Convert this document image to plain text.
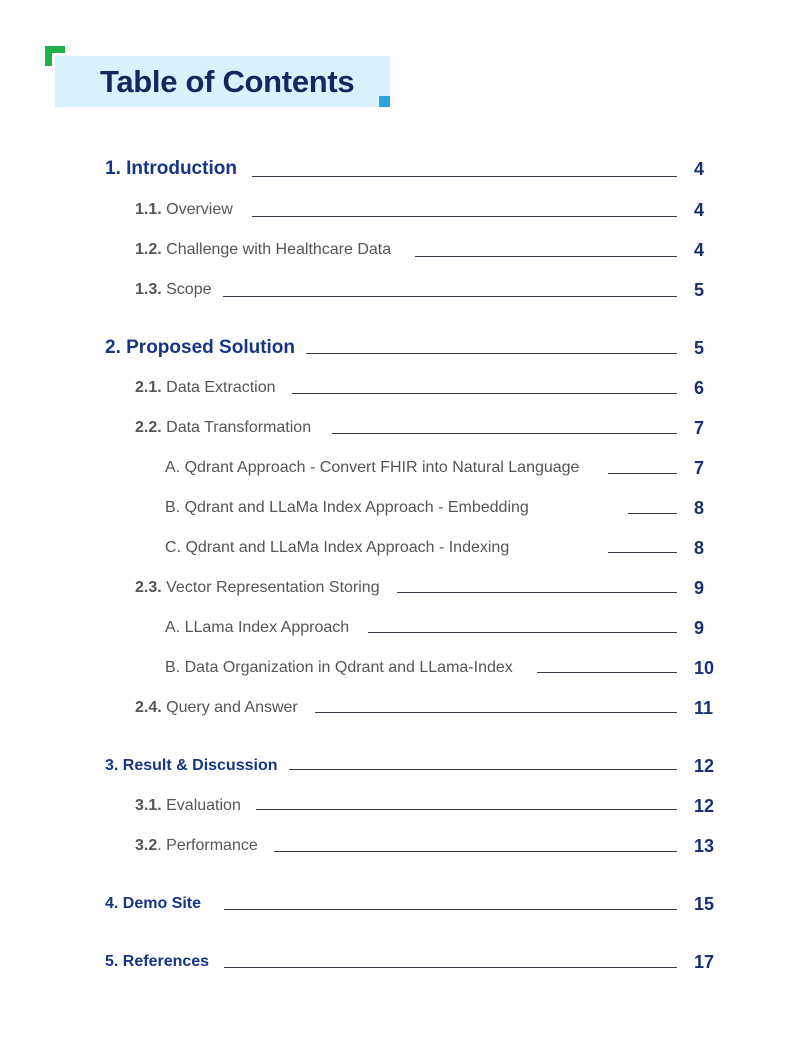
Table of Contents
1. Introduction	4
1.1. Overview	4
1.2. Challenge with Healthcare Data	4
1.3. Scope	5
2. Proposed Solution	5
2.1. Data Extraction	6
2.2. Data Transformation	7
A. Qdrant Approach - Convert FHIR into Natural Language	7
B. Qdrant and LLaMa Index Approach - Embedding	8
C. Qdrant and LLaMa Index Approach - Indexing	8
2.3. Vector Representation Storing	9
A. LLama Index Approach	9
B. Data Organization in Qdrant and LLama-Index	10
2.4. Query and Answer	11
3. Result & Discussion	12
3.1. Evaluation	12
3.2. Performance	13
4. Demo Site	15
5. References	17
